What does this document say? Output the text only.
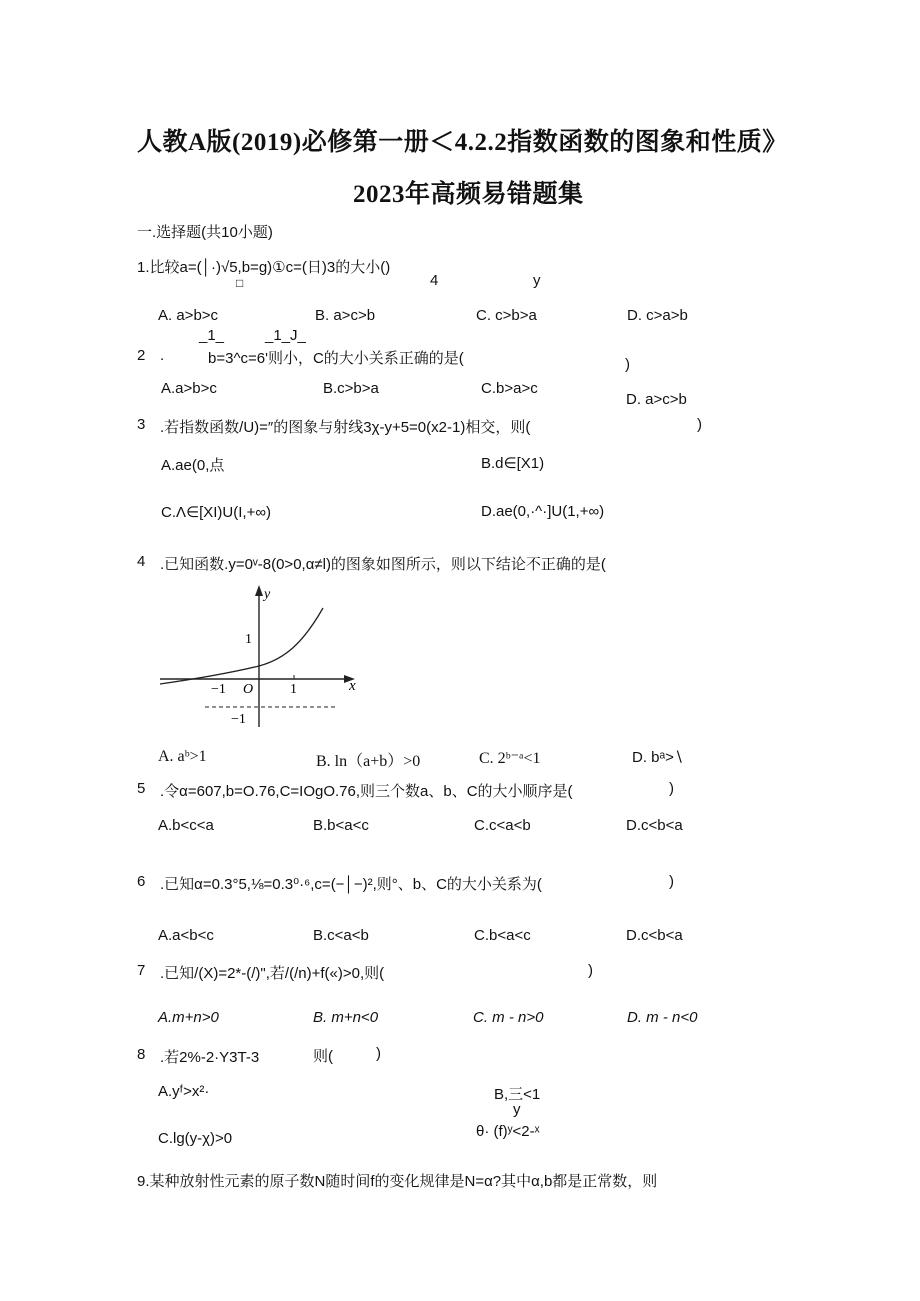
人教A版(2019)必修第一册＜4.2.2指数函数的图象和性质》
2023年高频易错题集
一.选择题(共10小题)
1.比较a=(│·)√5,b=g)①c=(日)3的大小()
□	4	y
A. a>b>c	B. a>c>b	C. c>b>a	D. c>a>b
_1_	_1_J_
2 .	b=3^c=6'则小，C的大小关系正确的是(	)
A.a>b>c	B.c>b>a	C.b>a>c
D. a>c>b
3 .若指数函数/U)=″的图象与射线3χ-y+5=0(x2-1)相交，则(	)
A.ae(0,点	B.d∈[X1)
C.Λ∈[XI)U(I,+∞)	D.ae(0,·^·]U(1,+∞)
4 .已知函数.y=0ᵛ-8(0>0,α≠l)的图象如图所示，则以下结论不正确的是(
x
y
1
−1 O	1
−1
A. aᵇ>1	B. ln（a+b）>0	C. 2ᵇ⁻ᵃ<1	D. bᵃ>∖
5 .令α=607,b=O.76,C=IOgO.76,则三个数a、b、C的大小顺序是(	)
A.b<c<a	B.b<a<c	C.c<a<b	D.c<b<a
6 .已知α=0.3°5,⅛=0.3⁰·⁶,c=(−│−)²,则°、b、C的大小关系为(	)
A.a<b<c	B.c<a<b	C.b<a<c	D.c<b<a
7 .已知/(X)=2*-(/)",若/(/n)+f(«)>0,则(	)
A.m+n>0	B. m+n<0	C. m - n>0	D. m - n<0
8 .若2%-2·Y3T-3	则(	)
A.yᶠ>x²·	B,三<1
y
C.lg(y-χ)>0	θ· (f)ʸ<2-ˣ
9.某种放射性元素的原子数N随时间f的变化规律是N=α?其中α,b都是正常数，则
